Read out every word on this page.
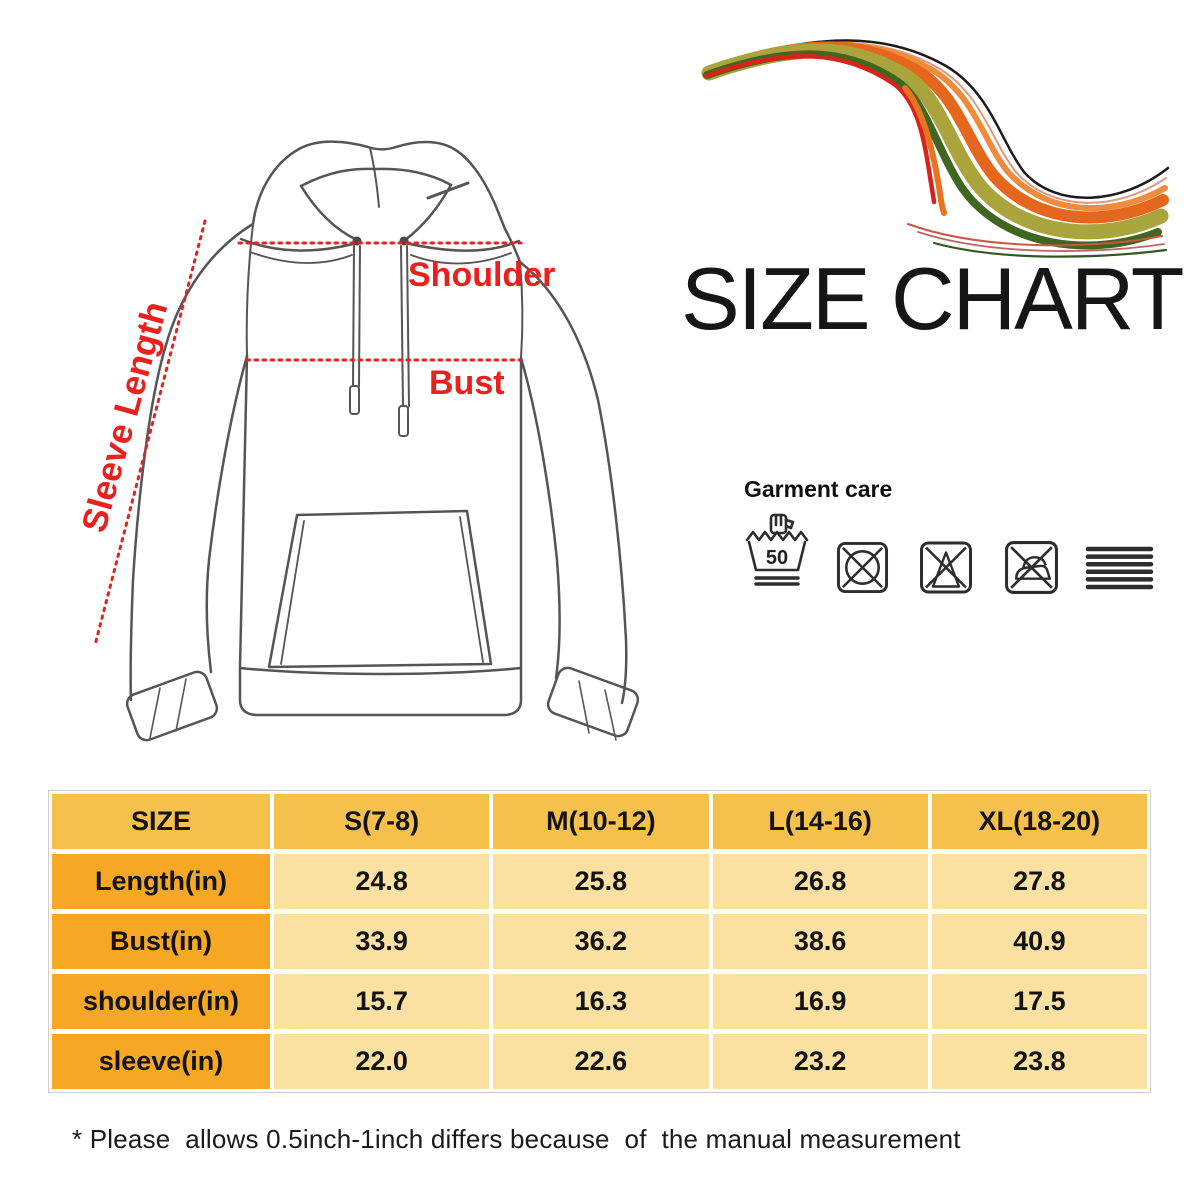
Shoulder
Bust
Sleeve Length	SIZE CHART
Garment care
50
SIZE	S(7-8)	M(10-12)	L(14-16)	XL(18-20)
Length(in)	24.8	25.8	26.8	27.8
Bust(in)	33.9	36.2	38.6	40.9
shoulder(in)	15.7	16.3	16.9	17.5
sleeve(in)	22.0	22.6	23.2	23.8
* Please  allows 0.5inch-1inch differs because  of  the manual measurement
